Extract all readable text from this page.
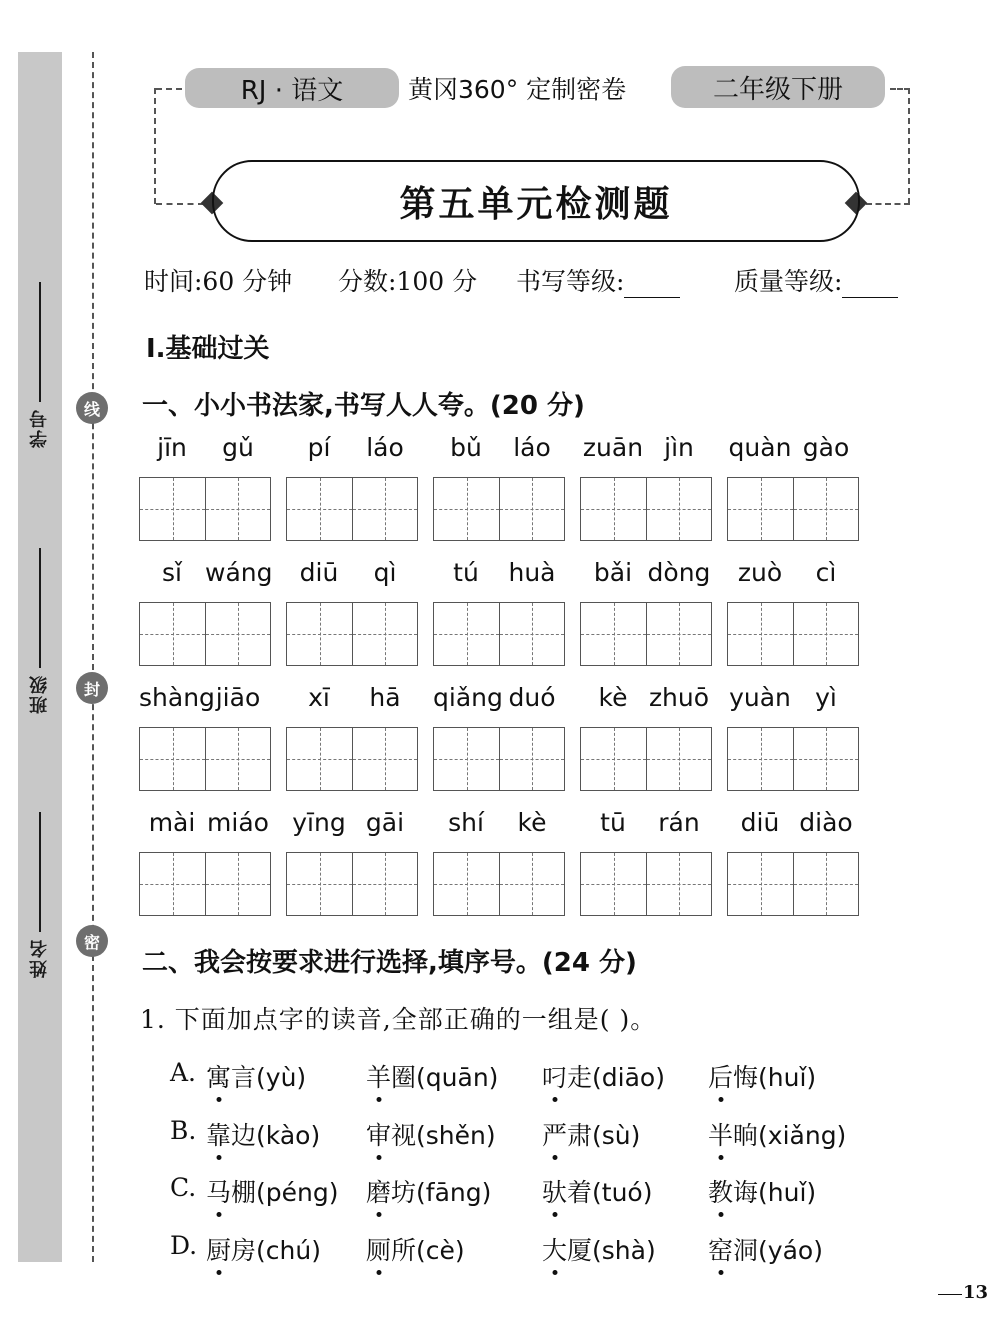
线
封
密
学号
班级
姓名
RJ · 语文	黄冈360° 定制密卷	二年级下册
第五单元检测题
时间:60 分钟 分数:100 分 书写等级:	质量等级:
Ⅰ.基础过关
一、小小书法家,书写人人夸。(20 分)
jīn	gǔ	pí	láo	bǔ	láo	zuān jìn	quàn gào
sǐ wáng	diū	qì	tú	huà	bǎi dòng	zuò	cì
shàng jiāo	xī	hā	qiǎng duó	kè zhuō yuàn yì
mài miáo yīng gāi	shí	kè	tū	rán	diū diào
二、我会按要求进行选择,填序号。(24 分)
1. 下面加点字的读音,全部正确的一组是( )。
A. 寓言(yù) 羊圈(quān) 叼走(diāo) 后悔(huǐ)
B. 靠边(kào) 审视(shěn) 严肃(sù)	半晌(xiǎng)
C. 马棚(péng) 磨坊(fāng) 驮着(tuó) 教诲(huǐ)
D. 厨房(chú) 厕所(cè)	大厦(shà) 窑洞(yáo)
13
